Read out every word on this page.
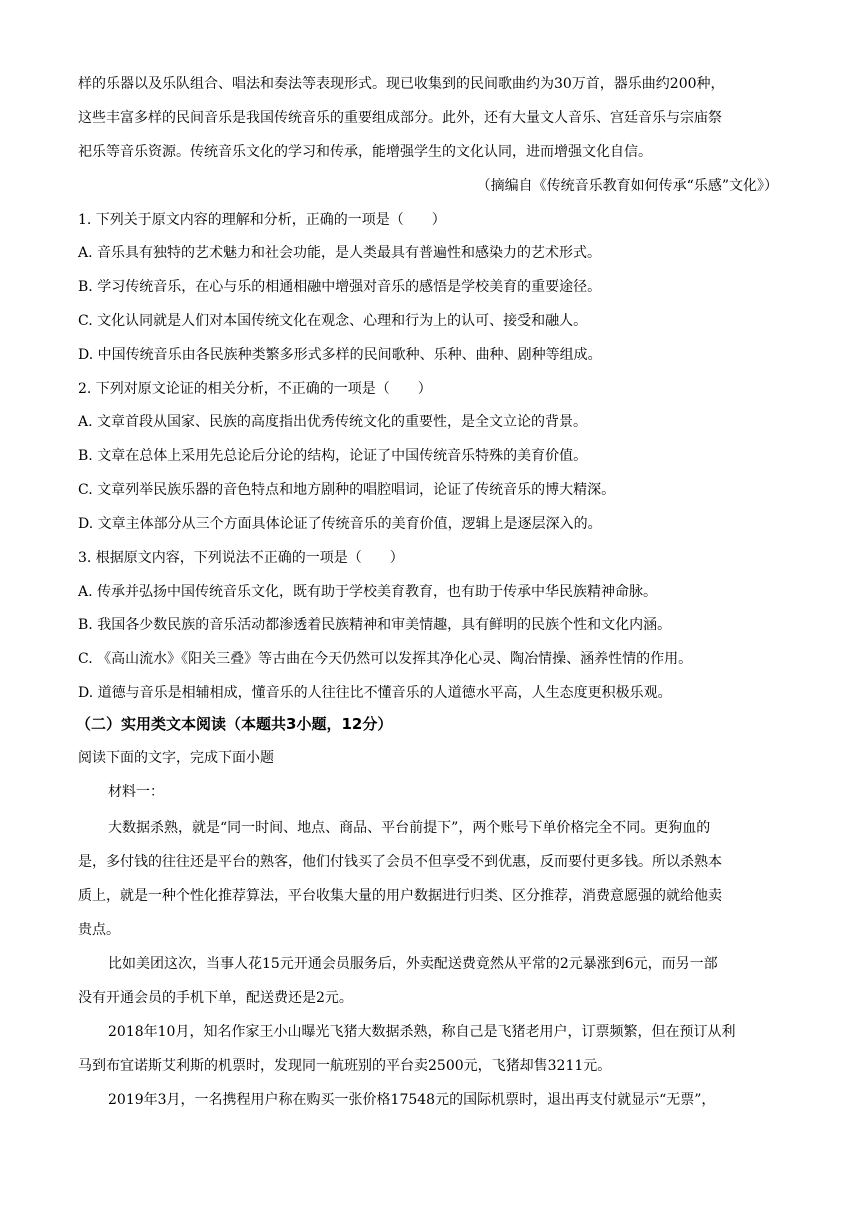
样的乐器以及乐队组合、唱法和奏法等表现形式。现已收集到的民间歌曲约为30万首，器乐曲约200种，
这些丰富多样的民间音乐是我国传统音乐的重要组成部分。此外，还有大量文人音乐、宫廷音乐与宗庙祭
祀乐等音乐资源。传统音乐文化的学习和传承，能增强学生的文化认同，进而增强文化自信。
（摘编自《传统音乐教育如何传承“乐感”文化》）
1. 下列关于原文内容的理解和分析，正确的一项是（　　）
A. 音乐具有独特的艺术魅力和社会功能，是人类最具有普遍性和感染力的艺术形式。
B. 学习传统音乐，在心与乐的相通相融中增强对音乐的感悟是学校美育的重要途径。
C. 文化认同就是人们对本国传统文化在观念、心理和行为上的认可、接受和融人。
D. 中国传统音乐由各民族种类繁多形式多样的民间歌种、乐种、曲种、剧种等组成。
2. 下列对原文论证的相关分析，不正确的一项是（　　）
A. 文章首段从国家、民族的高度指出优秀传统文化的重要性，是全文立论的背景。
B. 文章在总体上采用先总论后分论的结构，论证了中国传统音乐特殊的美育价值。
C. 文章列举民族乐器的音色特点和地方剧种的唱腔唱词，论证了传统音乐的博大精深。
D. 文章主体部分从三个方面具体论证了传统音乐的美育价值，逻辑上是逐层深入的。
3. 根据原文内容，下列说法不正确的一项是（　　）
A. 传承并弘扬中国传统音乐文化，既有助于学校美育教育，也有助于传承中华民族精神命脉。
B. 我国各少数民族的音乐活动都渗透着民族精神和审美情趣，具有鲜明的民族个性和文化内涵。
C. 《高山流水》《阳关三叠》等古曲在今天仍然可以发挥其净化心灵、陶冶情操、涵养性情的作用。
D. 道德与音乐是相辅相成，懂音乐的人往往比不懂音乐的人道德水平高，人生态度更积极乐观。
（二）实用类文本阅读（本题共3小题，12分）
阅读下面的文字，完成下面小题
材料一：
大数据杀熟，就是“同一时间、地点、商品、平台前提下”，两个账号下单价格完全不同。更狗血的
是，多付钱的往往还是平台的熟客，他们付钱买了会员不但享受不到优惠，反而要付更多钱。所以杀熟本
质上，就是一种个性化推荐算法，平台收集大量的用户数据进行归类、区分推荐，消费意愿强的就给他卖
贵点。
比如美团这次，当事人花15元开通会员服务后，外卖配送费竟然从平常的2元暴涨到6元，而另一部
没有开通会员的手机下单，配送费还是2元。
2018年10月，知名作家王小山曝光飞猪大数据杀熟，称自己是飞猪老用户，订票频繁，但在预订从利
马到布宜诺斯艾利斯的机票时，发现同一航班别的平台卖2500元，飞猪却售3211元。
2019年3月，一名携程用户称在购买一张价格17548元的国际机票时，退出再支付就显示“无票”，
